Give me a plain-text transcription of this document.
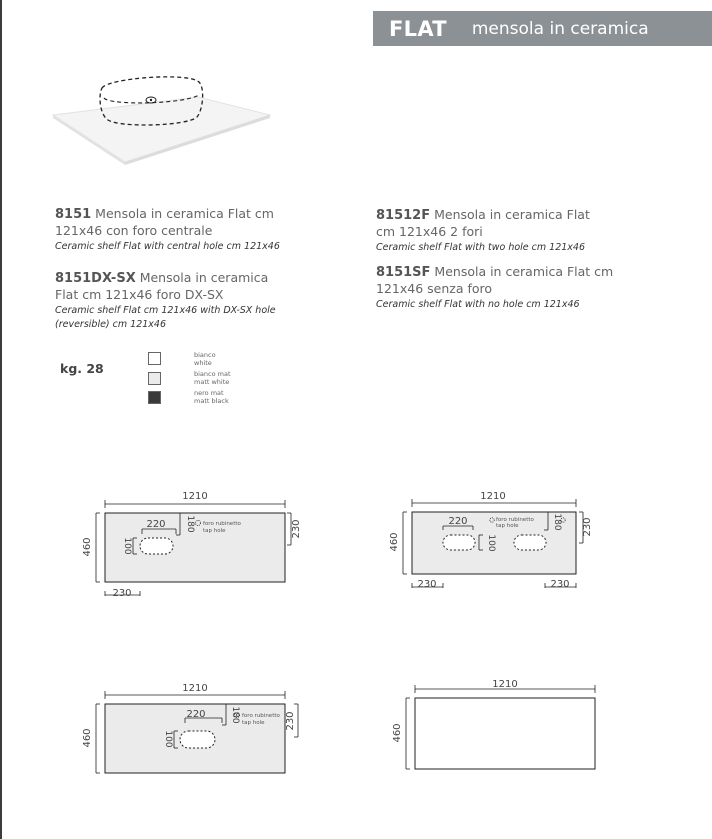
FLAT mensola in ceramica
8151 Mensola in ceramica Flat cm 121x46 con foro centrale
Ceramic shelf Flat with central hole cm 121x46
8151DX-SX Mensola in ceramica Flat cm 121x46 foro DX-SX
Ceramic shelf Flat cm 121x46 with DX-SX hole (reversible) cm 121x46
81512F Mensola in ceramica Flat cm 121x46 2 fori
Ceramic shelf Flat with two hole cm 121x46
8151SF Mensola in ceramica Flat cm 121x46 senza foro
Ceramic shelf Flat with no hole cm 121x46
kg. 28
bianco
white
bianco mat
matt white
nero mat
matt black
1210
460
230
230
220 180
100
foro rubinetto
tap hole
1210
460
230
230	230
220	180
100
foro rubinetto
tap hole
1210
460
230
220	180
100
foro rubinetto
tap hole
1210
460
